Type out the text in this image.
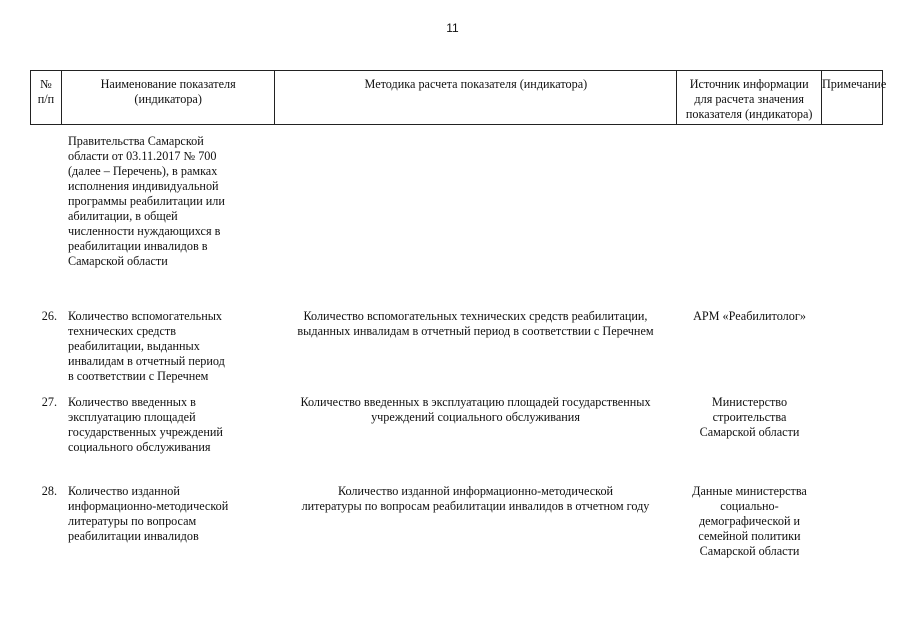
11
№
п/п
Наименование показателя
(индикатора)
Методика расчета показателя (индикатора)	Источник информации
для расчета значения
показателя (индикатора)
Примечание
Правительства Самарской
области от 03.11.2017 № 700
(далее – Перечень), в рамках
исполнения индивидуальной
программы реабилитации или
абилитации, в общей
численности нуждающихся в
реабилитации инвалидов в
Самарской области
26. Количество вспомогательных
технических средств
реабилитации, выданных
инвалидам в отчетный период
в соответствии с Перечнем
Количество вспомогательных технических средств реабилитации,
выданных инвалидам в отчетный период в соответствии с Перечнем
АРМ «Реабилитолог»
27. Количество введенных в
эксплуатацию площадей
государственных учреждений
социального обслуживания
Количество введенных в эксплуатацию площадей государственных
учреждений социального обслуживания
Министерство
строительства
Самарской области
28. Количество изданной
информационно-методической
литературы по вопросам
реабилитации инвалидов
Количество изданной информационно-методической
литературы по вопросам реабилитации инвалидов в отчетном году
Данные министерства
социально-
демографической и
семейной политики
Самарской области
